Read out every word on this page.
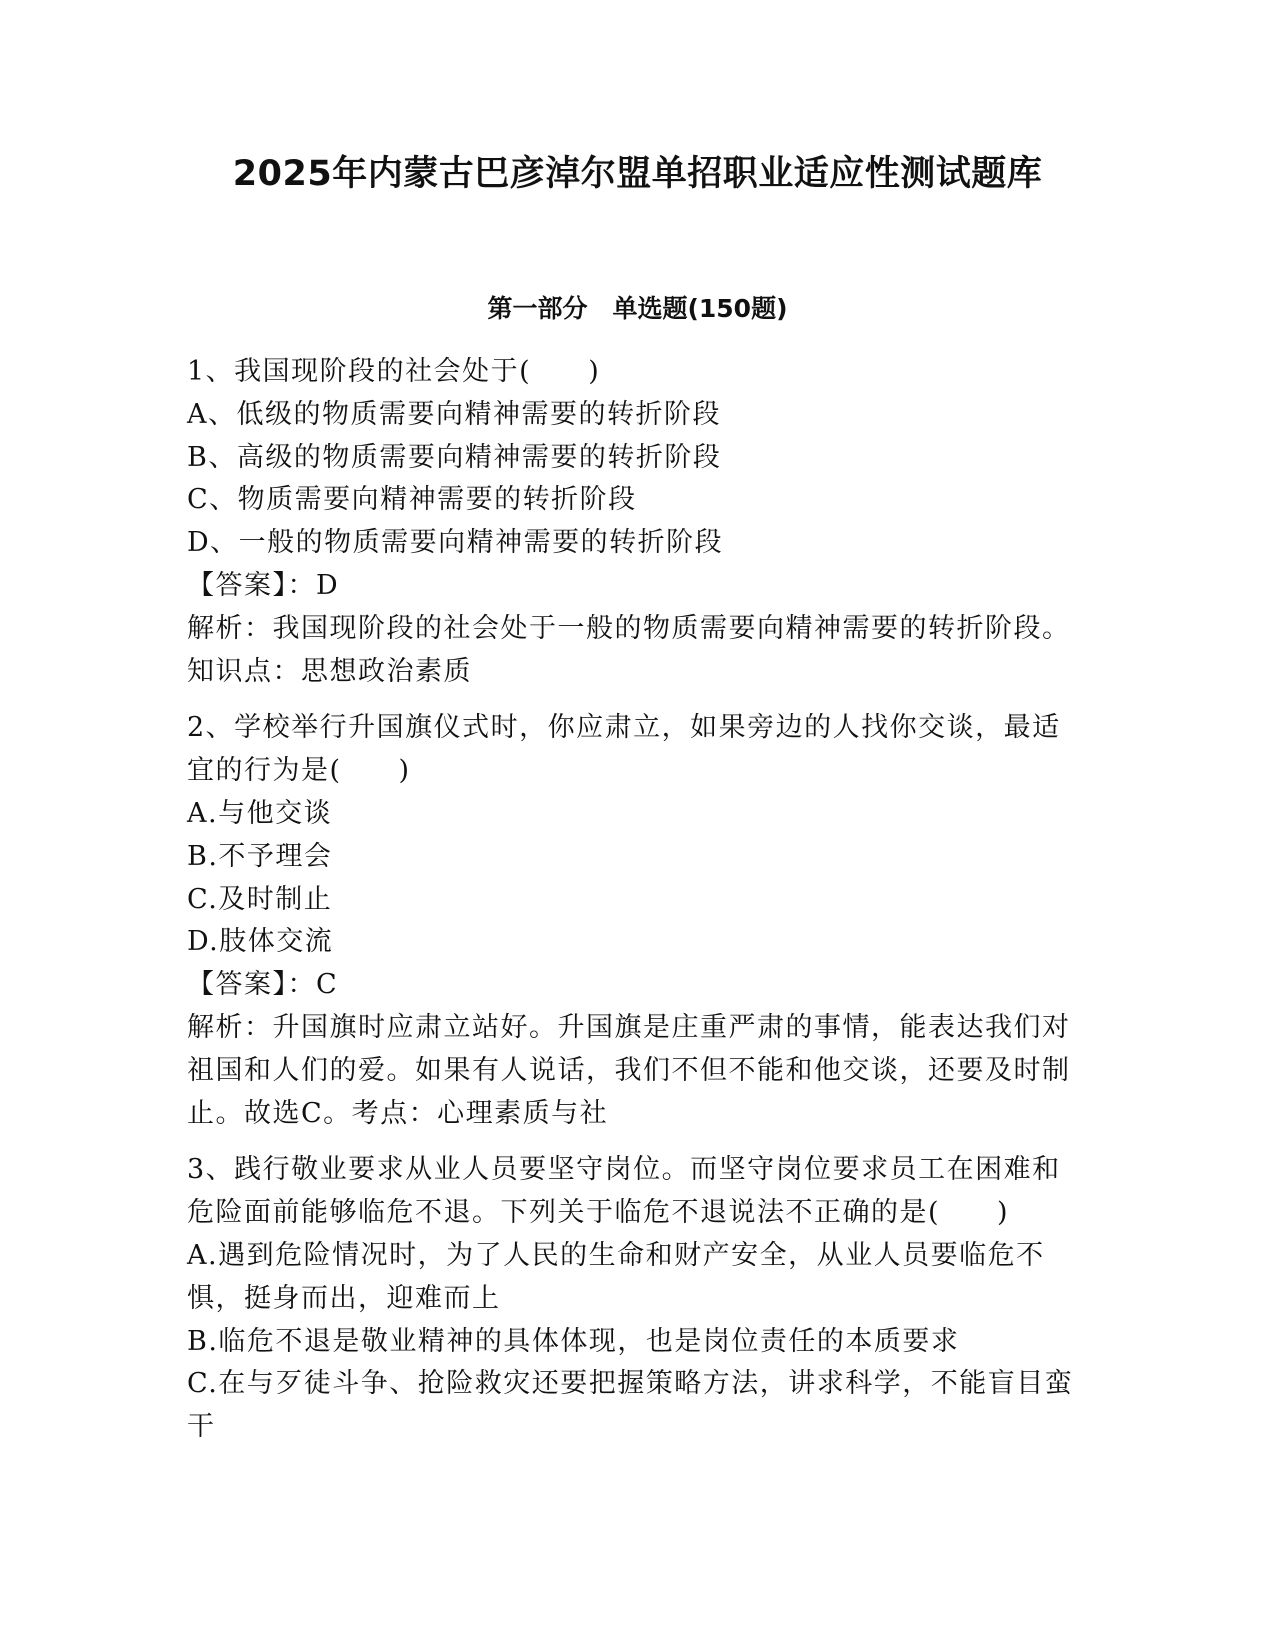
2025年内蒙古巴彦淖尔盟单招职业适应性测试题库
第一部分　单选题(150题)

1、我国现阶段的社会处于(　　)

A、低级的物质需要向精神需要的转折阶段

B、高级的物质需要向精神需要的转折阶段

C、物质需要向精神需要的转折阶段

D、一般的物质需要向精神需要的转折阶段

【答案】：D

解析：我国现阶段的社会处于一般的物质需要向精神需要的转折阶段。知识点：思想政治素质

2、学校举行升国旗仪式时，你应肃立，如果旁边的人找你交谈，最适宜的行为是(　　)

A.与他交谈

B.不予理会

C.及时制止

D.肢体交流

【答案】：C

解析：升国旗时应肃立站好。升国旗是庄重严肃的事情，能表达我们对祖国和人们的爱。如果有人说话，我们不但不能和他交谈，还要及时制止。故选C。考点：心理素质与社

3、践行敬业要求从业人员要坚守岗位。而坚守岗位要求员工在困难和危险面前能够临危不退。下列关于临危不退说法不正确的是(　　)

A.遇到危险情况时，为了人民的生命和财产安全，从业人员要临危不惧，挺身而出，迎难而上

B.临危不退是敬业精神的具体体现，也是岗位责任的本质要求

C.在与歹徒斗争、抢险救灾还要把握策略方法，讲求科学，不能盲目蛮干
